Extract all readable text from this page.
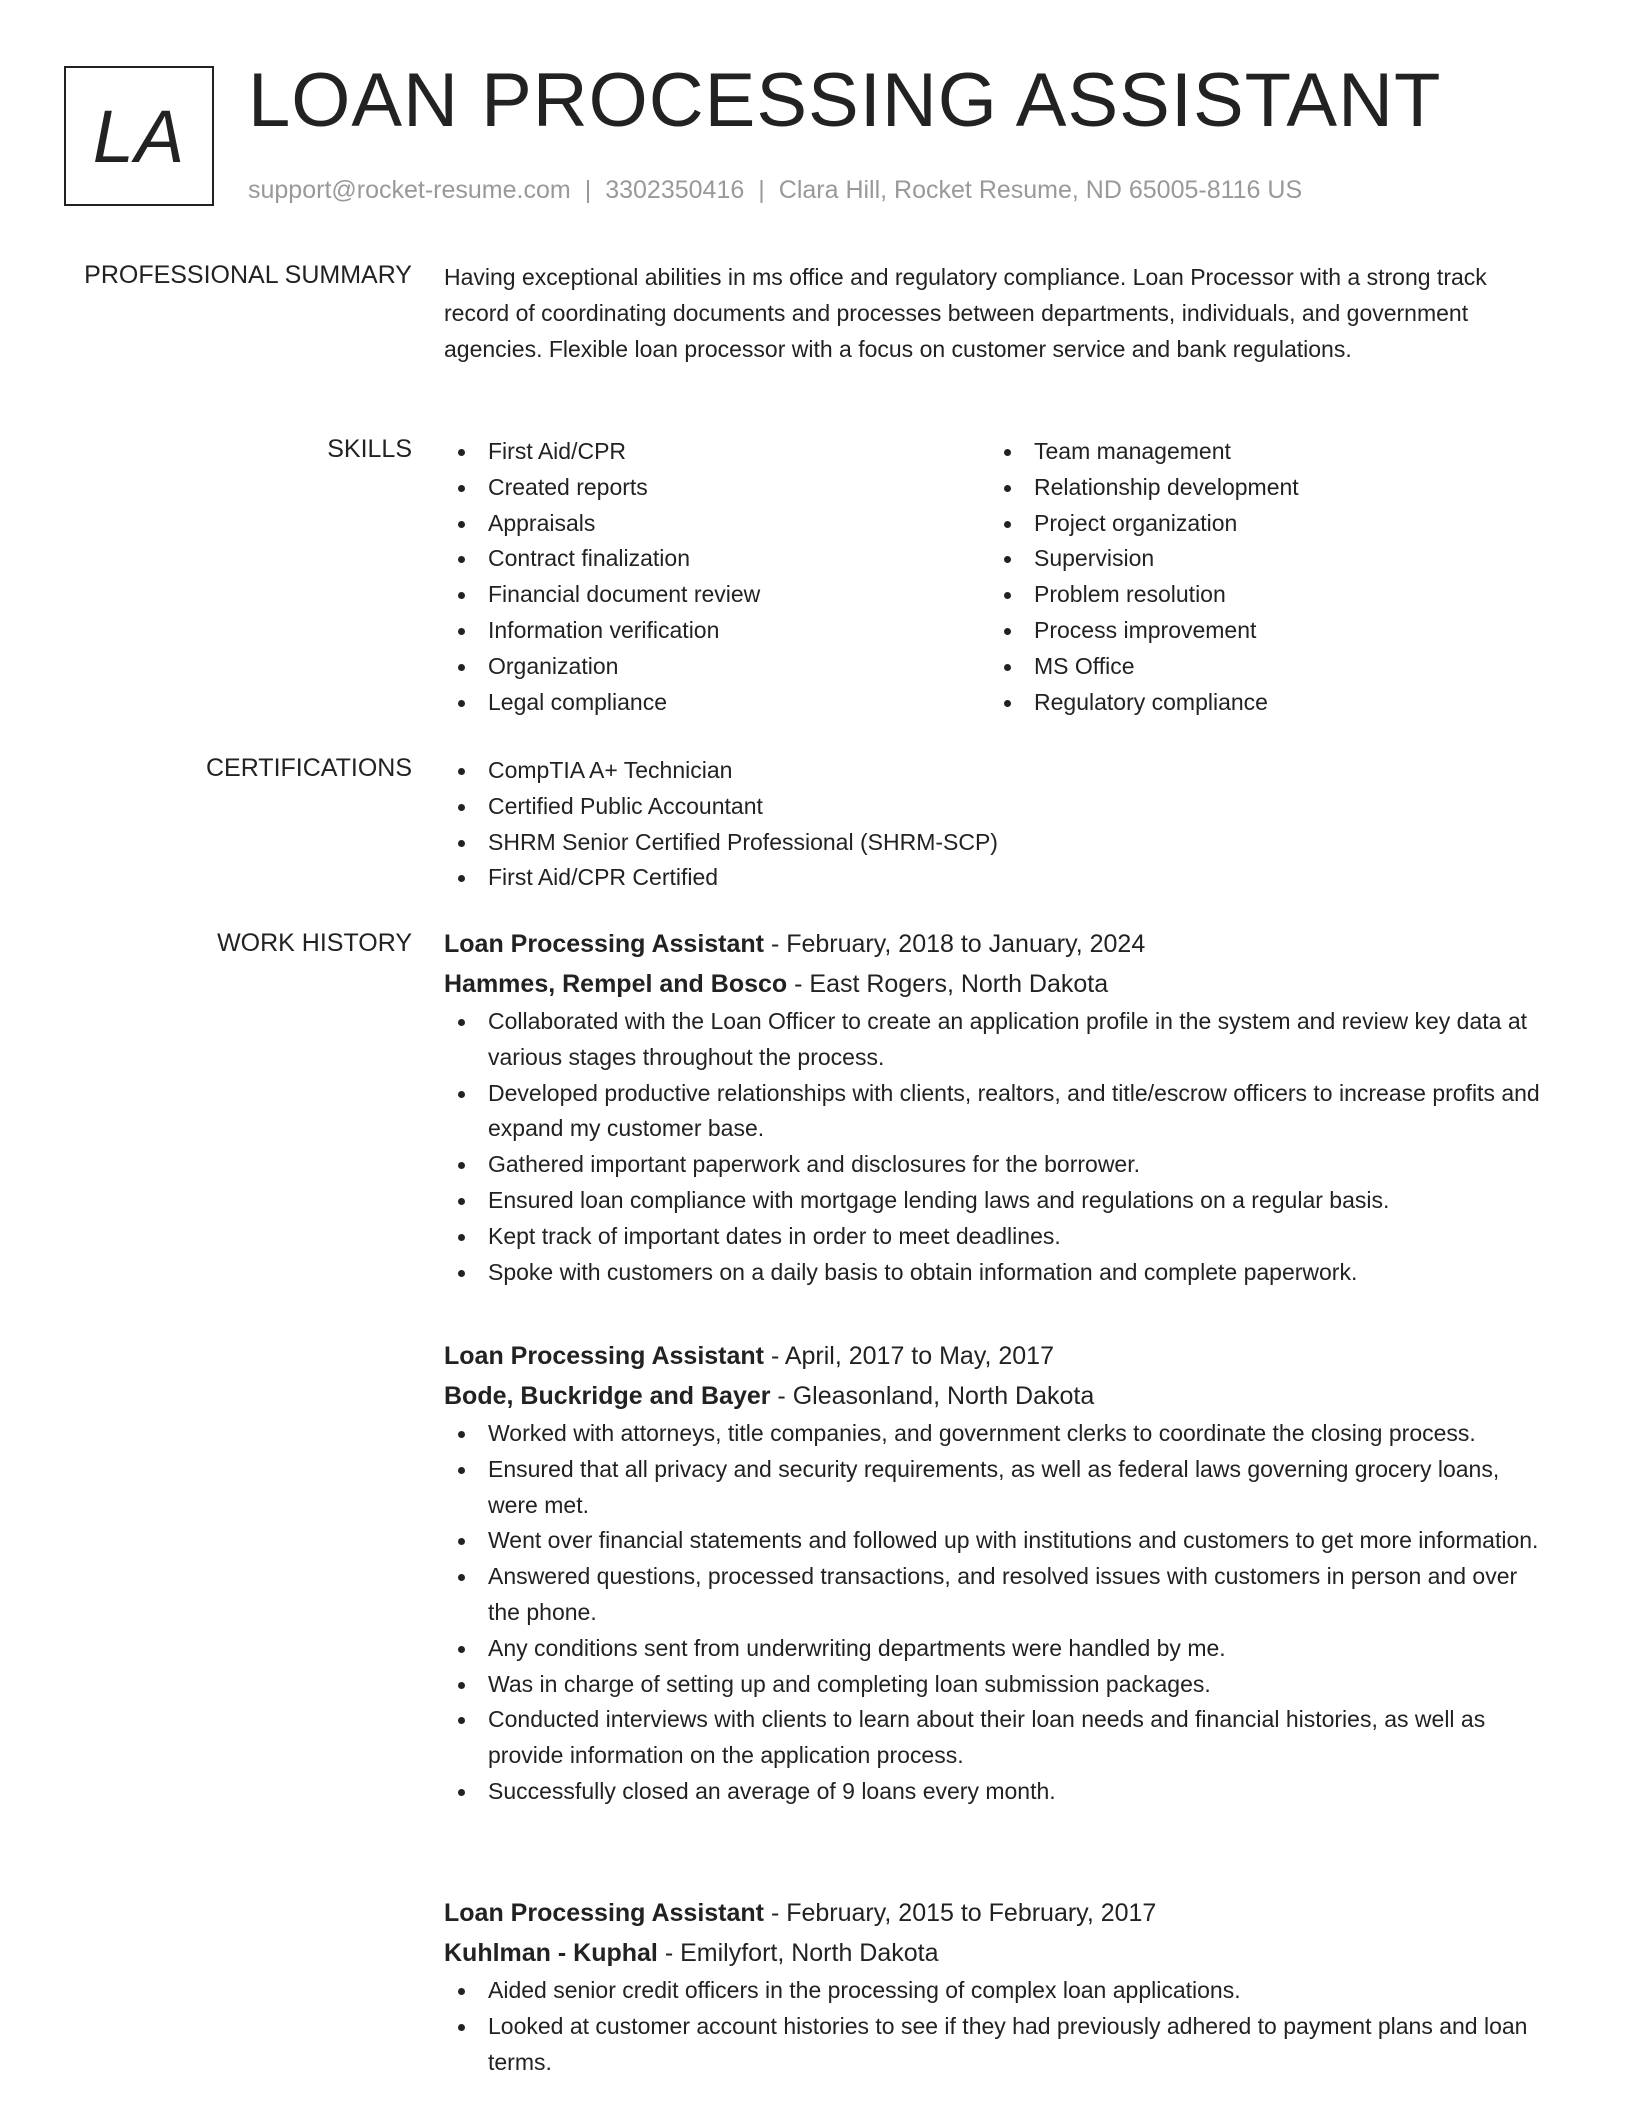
LA LOAN PROCESSING ASSISTANT
support@rocket-resume.com | 3302350416 | Clara Hill, Rocket Resume, ND 65005-8116 US
PROFESSIONAL SUMMARY Having exceptional abilities in ms office and regulatory compliance. Loan Processor with a strong track record of coordinating documents and processes between departments, individuals, and government agencies. Flexible loan processor with a focus on customer service and bank regulations.

SKILLS	First Aid/CPR
Created reports
Appraisals
Contract finalization
Financial document review
Information verification
Organization
Legal compliance
Team management
Relationship development
Project organization
Supervision
Problem resolution
Process improvement
MS Office
Regulatory compliance
CERTIFICATIONS	CompTIA A+ Technician
Certified Public Accountant
SHRM Senior Certified Professional (SHRM-SCP)
First Aid/CPR Certified
WORK HISTORY Loan Processing Assistant - February, 2018 to January, 2024
Hammes, Rempel and Bosco - East Rogers, North Dakota
Collaborated with the Loan Officer to create an application profile in the system and review key data at various stages throughout the process.
Developed productive relationships with clients, realtors, and title/escrow officers to increase profits and expand my customer base.
Gathered important paperwork and disclosures for the borrower.
Ensured loan compliance with mortgage lending laws and regulations on a regular basis.
Kept track of important dates in order to meet deadlines.
Spoke with customers on a daily basis to obtain information and complete paperwork.
Loan Processing Assistant - April, 2017 to May, 2017
Bode, Buckridge and Bayer - Gleasonland, North Dakota
Worked with attorneys, title companies, and government clerks to coordinate the closing process.
Ensured that all privacy and security requirements, as well as federal laws governing grocery loans, were met.
Went over financial statements and followed up with institutions and customers to get more information.
Answered questions, processed transactions, and resolved issues with customers in person and over the phone.
Any conditions sent from underwriting departments were handled by me.
Was in charge of setting up and completing loan submission packages.
Conducted interviews with clients to learn about their loan needs and financial histories, as well as provide information on the application process.
Successfully closed an average of 9 loans every month.
Loan Processing Assistant - February, 2015 to February, 2017
Kuhlman - Kuphal - Emilyfort, North Dakota
Aided senior credit officers in the processing of complex loan applications.
Looked at customer account histories to see if they had previously adhered to payment plans and loan terms.
